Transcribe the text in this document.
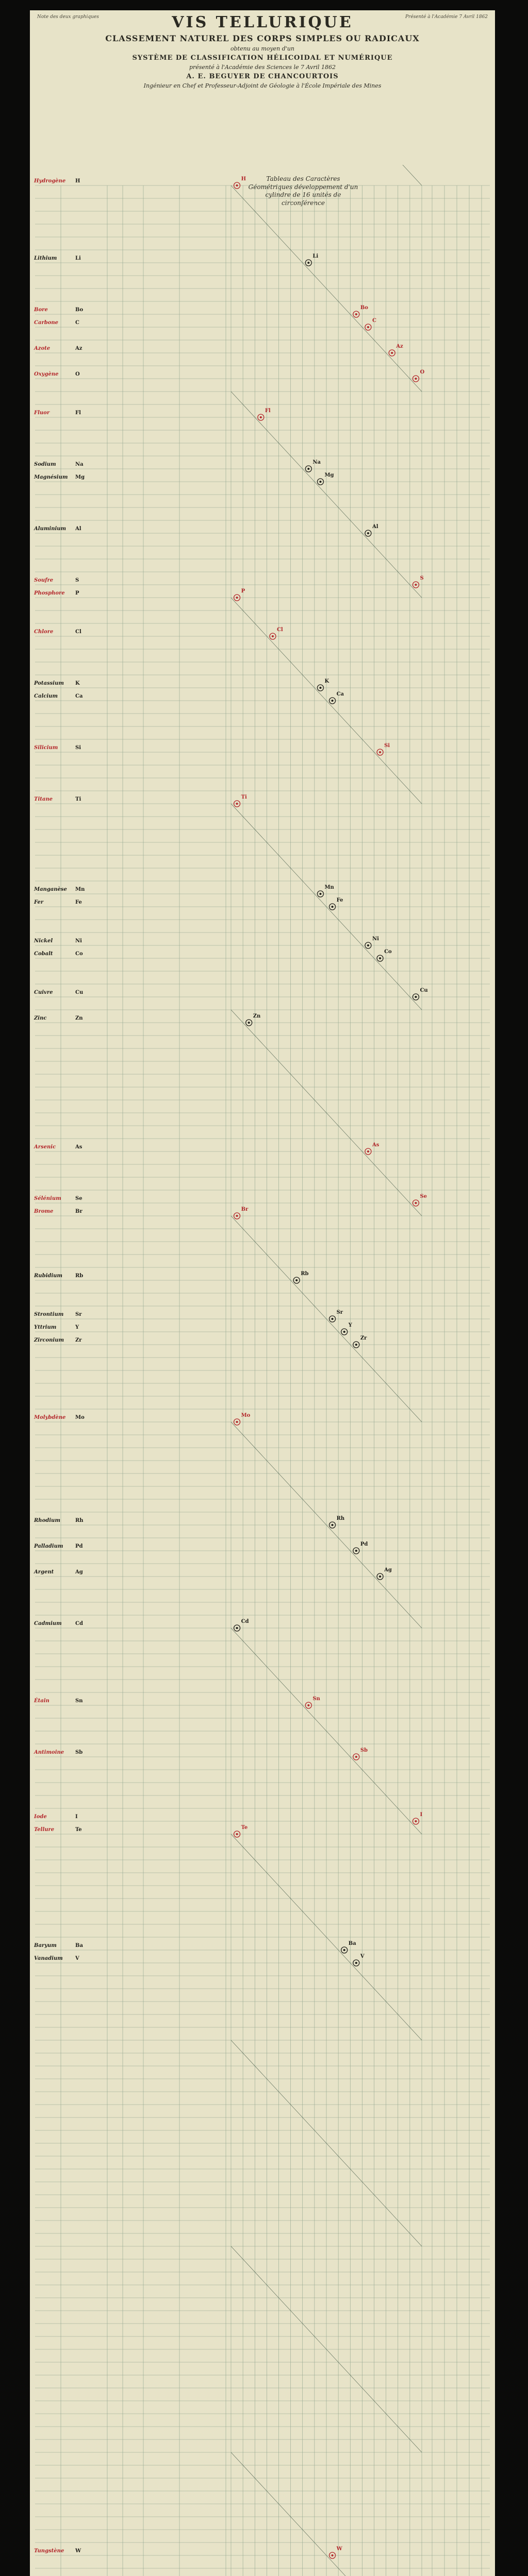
Note des deux graphiques	Présenté à l'Académie 7 Avril 1862
VIS TELLURIQUE
CLASSEMENT NATUREL DES CORPS SIMPLES OU RADICAUX
obtenu au moyen d'un
SYSTÈME DE CLASSIFICATION HÉLICOIDAL ET NUMÉRIQUE
présenté à l'Académie des Sciences le 7 Avril 1862
A. E. BEGUYER DE CHANCOURTOIS
Ingénieur en Chef et Professeur-Adjoint de Géologie à l'École Impériale des Mines
Tableau des Caractères Géométriques développement d'un cylindre de 16 unités de circonférence
Hydrogène H	H
Lithium	Li	Li
Bore	Bo	Bo
Carbone	C	C
Azote	Az	Az
Oxygène	O	O
Fluor	Fl	Fl
Sodium	Na	Na
Magnésium Mg	Mg
Aluminium Al	Al
Soufre	S	S
Phosphore P	P
Chlore	Cl	Cl
Potassium K	K
Calcium	Ca	Ca
Silicium	Si	Si
Titane	Ti	Ti
Manganèse Mn	Mn
Fer	Fe	Fe
Nickel	Ni	Ni
Cobalt	Co	Co
Cuivre	Cu	Cu
Zinc	Zn	Zn
Arsenic	As	As
Sélénium	Se	Se
Brome	Br	Br
Rubidium Rb	Rb
Strontium Sr	Sr
Yttrium	Y	Y
Zirconium Zr	Zr
Molybdène Mo	Mo
Rhodium	Rh	Rh
Palladium Pd	Pd
Argent	Ag	Ag
Cadmium	Cd	Cd
Étain	Sn	Sn
Antimoine Sb	Sb
Tellure	Te	Te
Iode	I	I
Baryum	Ba	Ba
Vanadium V	V
Tungstène W	W
